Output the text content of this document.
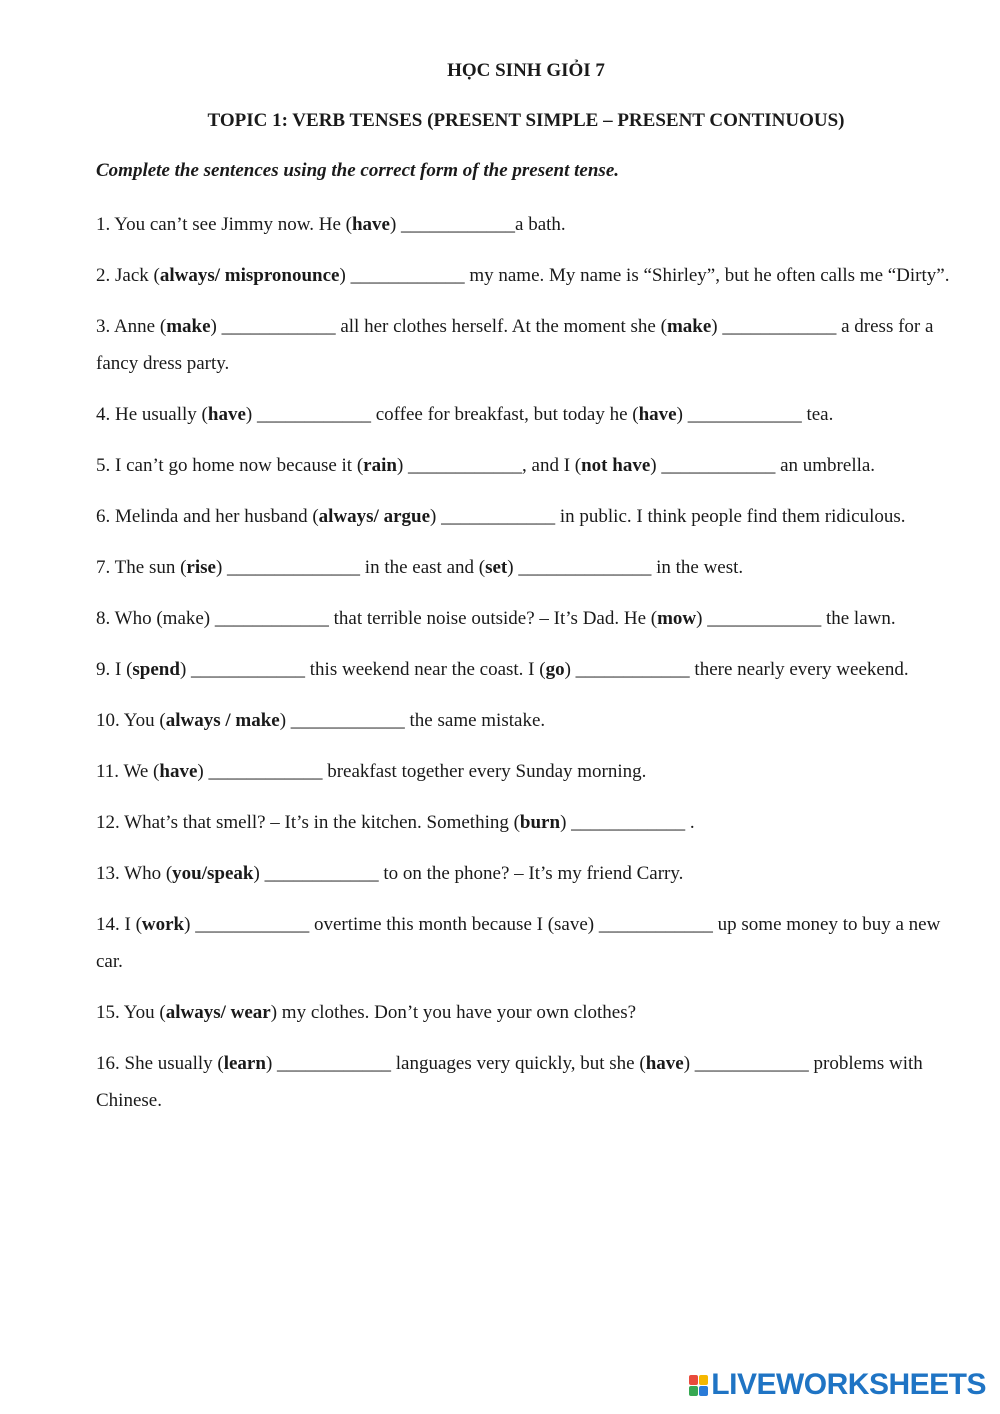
HỌC SINH GIỎI 7
TOPIC 1: VERB TENSES (PRESENT SIMPLE – PRESENT CONTINUOUS)

Complete the sentences using the correct form of the present tense.

1. You can’t see Jimmy now. He (have) ____________a bath.

2. Jack (always/ mispronounce) ____________ my name. My name is “Shirley”, but he often calls me “Dirty”.

3. Anne (make) ____________ all her clothes herself. At the moment she (make) ____________ a dress for a fancy dress party.

4. He usually (have) ____________ coffee for breakfast, but today he (have) ____________ tea.

5. I can’t go home now because it (rain) ____________, and I (not have) ____________ an umbrella.

6. Melinda and her husband (always/ argue) ____________ in public. I think people find them ridiculous.

7. The sun (rise) ______________ in the east and (set) ______________ in the west.

8. Who (make) ____________ that terrible noise outside? – It’s Dad. He (mow) ____________ the lawn.

9. I (spend) ____________ this weekend near the coast. I (go) ____________ there nearly every weekend.

10. You (always / make) ____________ the same mistake.

11. We (have) ____________ breakfast together every Sunday morning.

12. What’s that smell? – It’s in the kitchen. Something (burn) ____________ .

13. Who (you/speak) ____________ to on the phone? – It’s my friend Carry.

14. I (work) ____________ overtime this month because I (save) ____________ up some money to buy a new car.

15. You (always/ wear) my clothes. Don’t you have your own clothes?

16. She usually (learn) ____________ languages very quickly, but she (have) ____________ problems with Chinese.

LIVEWORKSHEETS
